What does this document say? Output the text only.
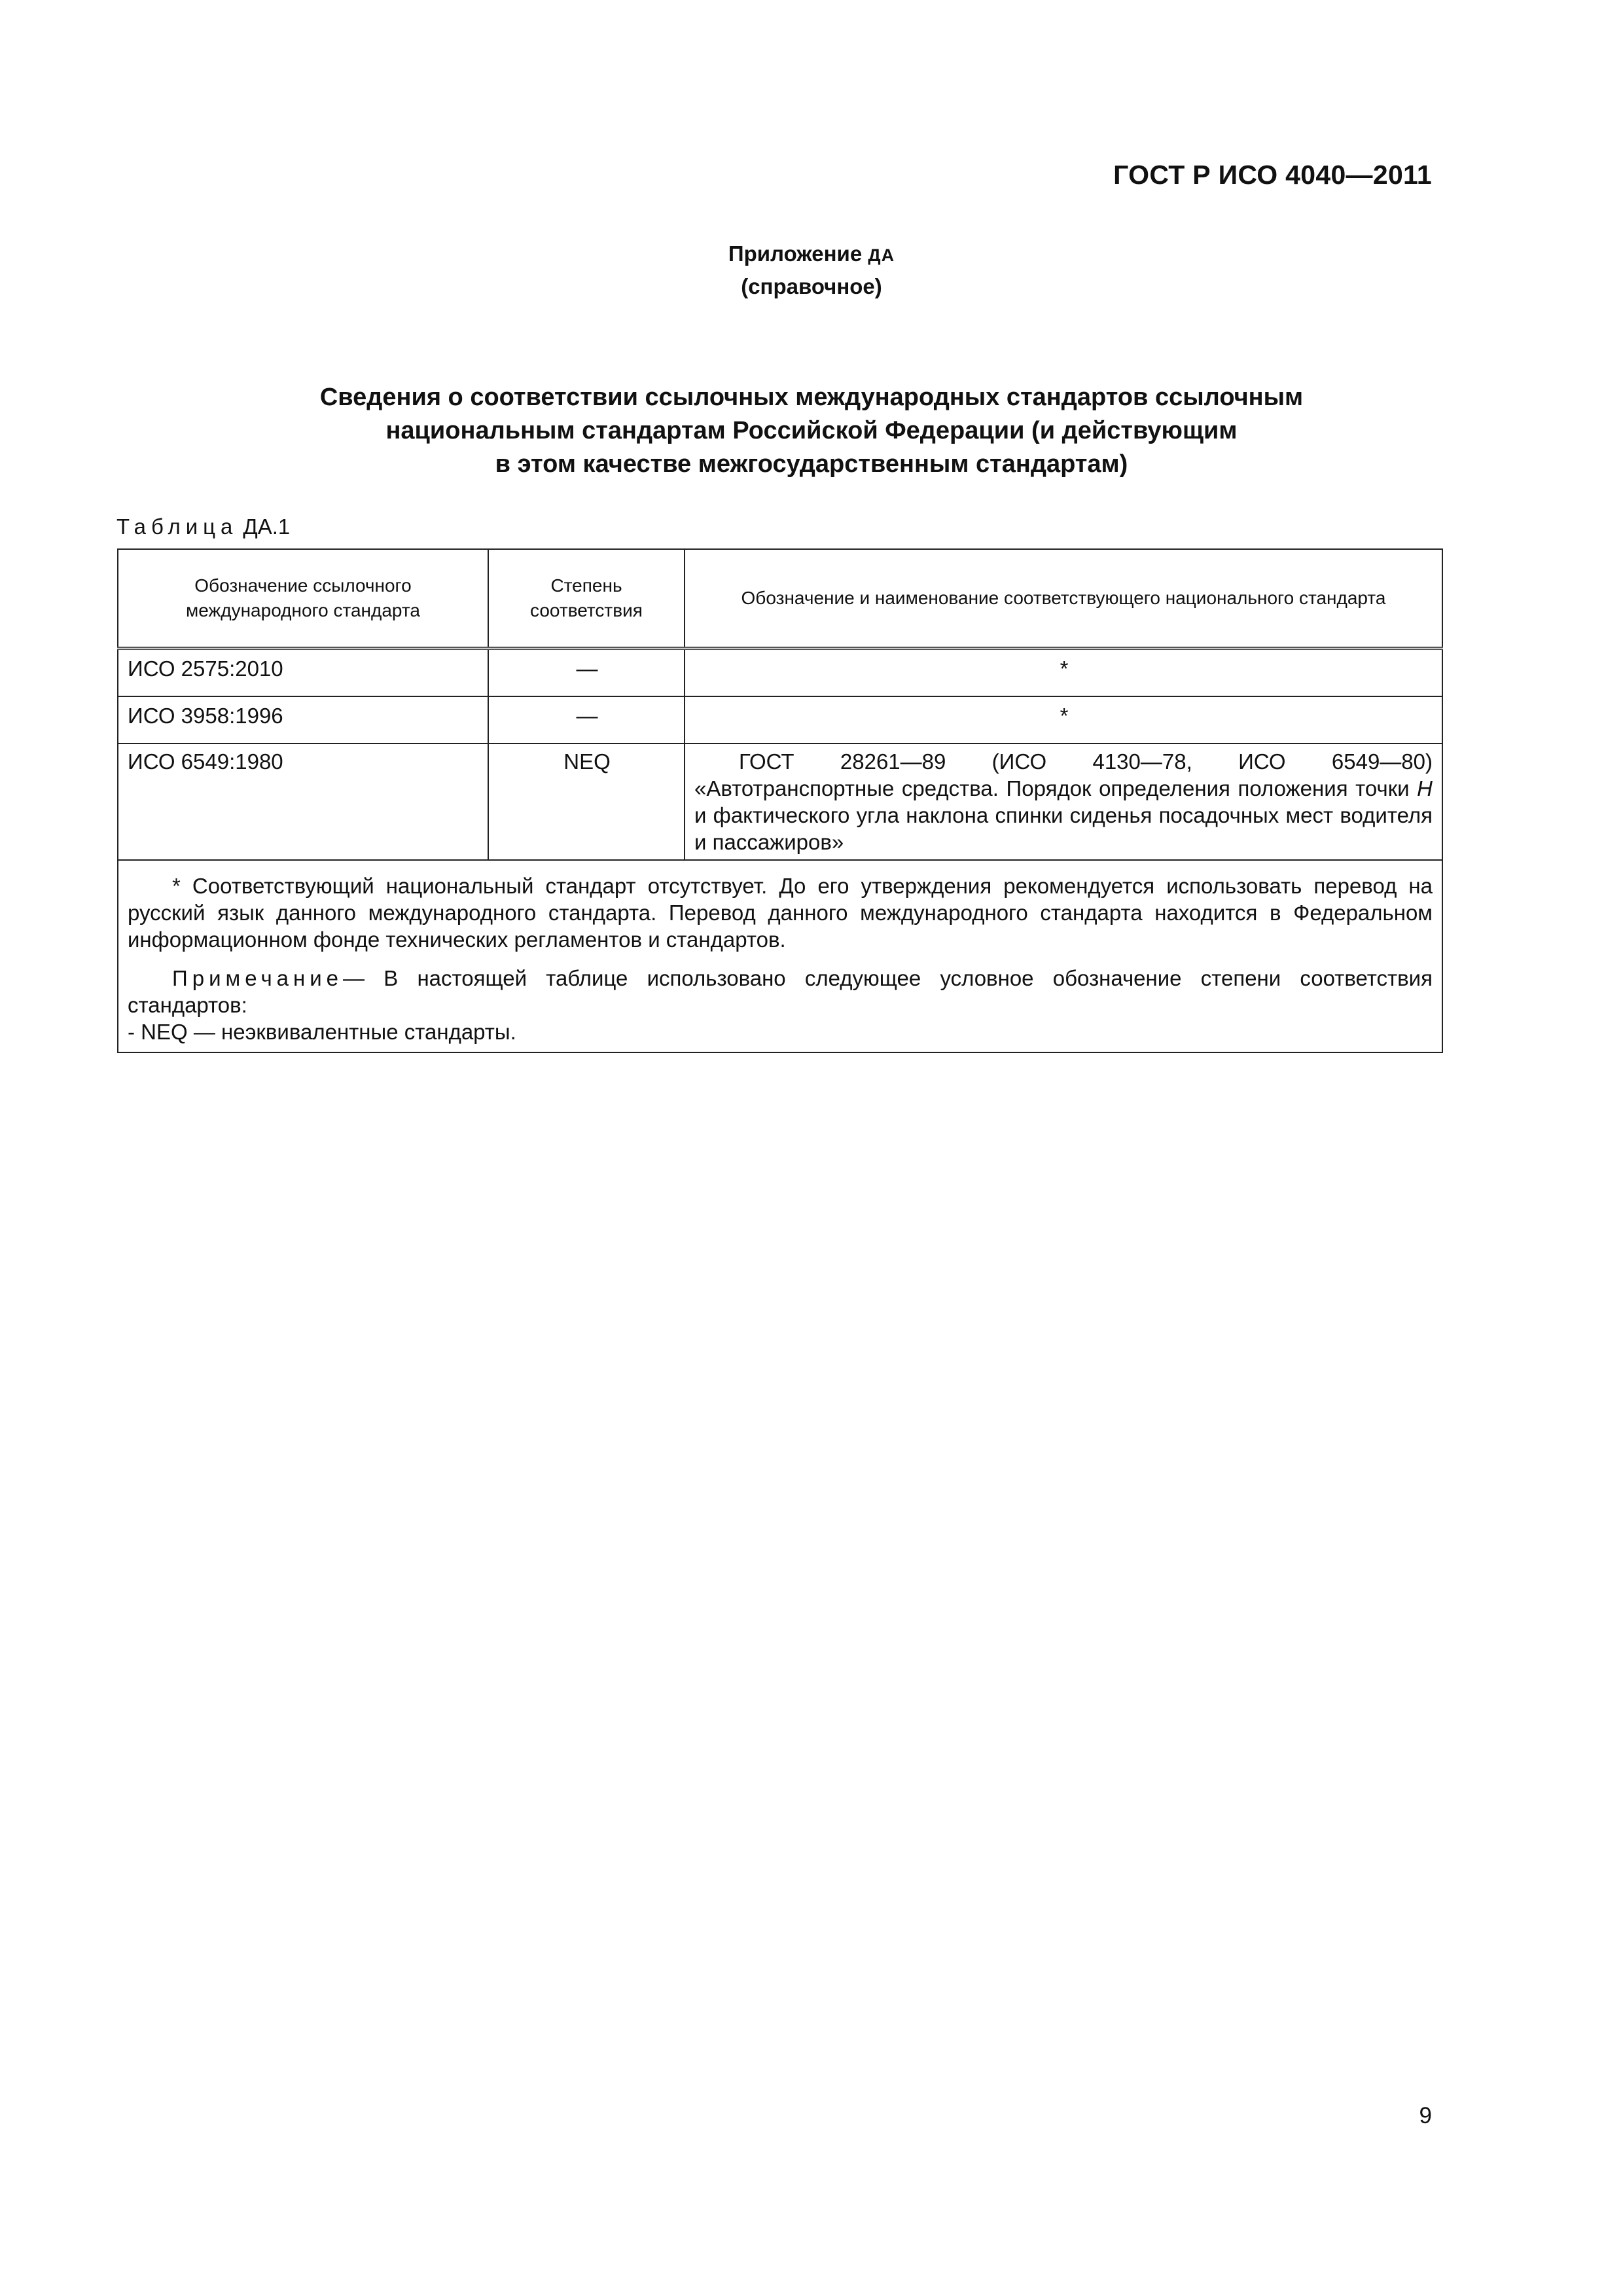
ГОСТ Р ИСО 4040—2011
Приложение ДА
(справочное)
Сведения о соответствии ссылочных международных стандартов ссылочным
национальным стандартам Российской Федерации (и действующим
в этом качестве межгосударственным стандартам)
Таблица ДА.1
Обозначение ссылочного международного стандарта	Степень соответствия	Обозначение и наименование соответствующего национального стандарта
ИСО 2575:2010	—	*
ИСО 3958:1996	—	*
ИСО 6549:1980	NEQ	ГОСТ 28261—89 (ИСО 4130—78, ИСО 6549—80) «Автотранспортные средства. Порядок определения положения точки H и фактического угла наклона спинки сиденья посадочных мест водителя и пассажиров»

* Соответствующий национальный стандарт отсутствует. До его утверждения рекомендуется использовать перевод на русский язык данного международного стандарта. Перевод данного международного стандарта находится в Федеральном информационном фонде технических регламентов и стандартов.

Примечание— В настоящей таблице использовано следующее условное обозначение степени соответствия стандартов:

- NEQ — неэквивалентные стандарты.		

9
